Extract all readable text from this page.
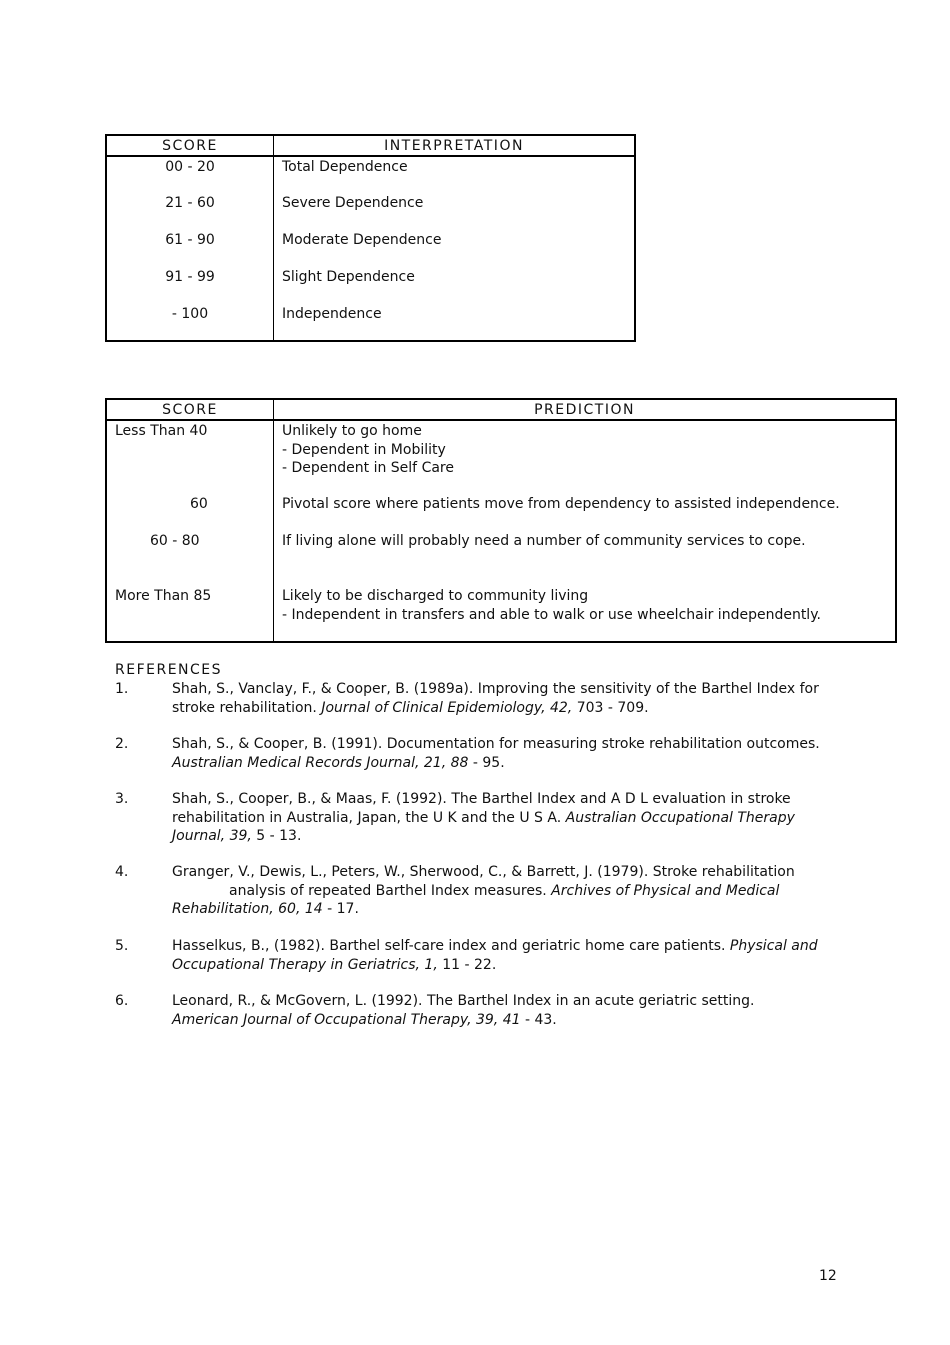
SCORE	INTERPRETATION
00 - 20	Total Dependence
21 - 60	Severe Dependence
61 - 90	Moderate Dependence
91 - 99	Slight Dependence
- 100	Independence
SCORE	PREDICTION
Less Than 40	Unlikely to go home
- Dependent in Mobility
- Dependent in Self Care
60	Pivotal score where patients move from dependency to assisted independence.
60 - 80	If living alone will probably need a number of community services to cope.
More Than 85	Likely to be discharged to community living
- Independent in transfers and able to walk or use wheelchair independently.
REFERENCES
1.	Shah, S., Vanclay, F., & Cooper, B. (1989a). Improving the sensitivity of the Barthel Index for stroke rehabilitation. Journal of Clinical Epidemiology, 42, 703 - 709.
2.	Shah, S., & Cooper, B. (1991). Documentation for measuring stroke rehabilitation outcomes.
Australian Medical Records Journal, 21, 88 - 95.
3.	Shah, S., Cooper, B., & Maas, F. (1992). The Barthel Index and A D L evaluation in stroke rehabilitation in Australia, Japan, the U K and the U S A. Australian Occupational Therapy Journal, 39, 5 - 13.
4.	Granger, V., Dewis, L., Peters, W., Sherwood, C., & Barrett, J. (1979). Stroke rehabilitation
analysis of repeated Barthel Index measures. Archives of Physical and Medical Rehabilitation, 60, 14 - 17.
5.	Hasselkus, B., (1982). Barthel self-care index and geriatric home care patients. Physical and Occupational Therapy in Geriatrics, 1, 11 - 22.
6.	Leonard, R., & McGovern, L. (1992). The Barthel Index in an acute geriatric setting.
American Journal of Occupational Therapy, 39, 41 - 43.
12
